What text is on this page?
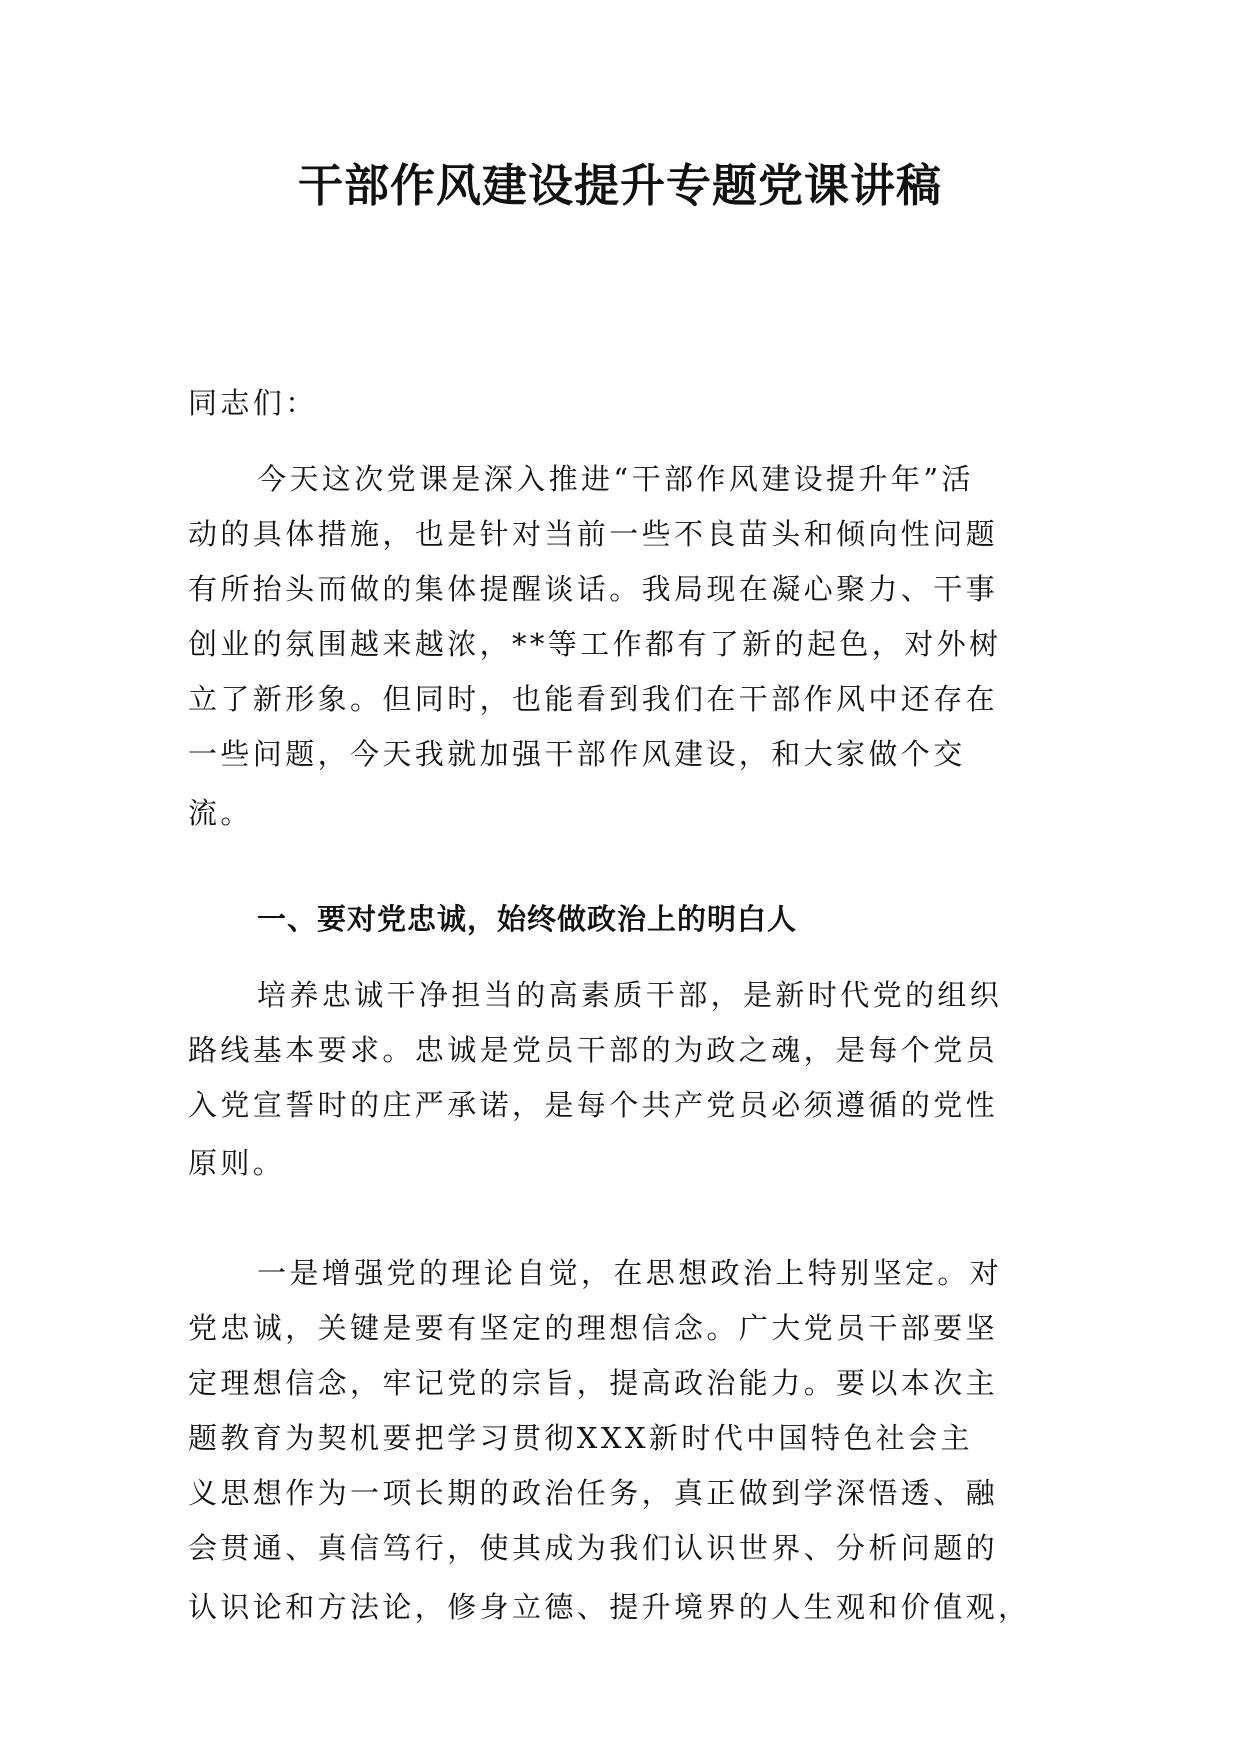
干部作风建设提升专题党课讲稿
同志们：
今天这次党课是深入推进“干部作风建设提升年”活
动的具体措施，也是针对当前一些不良苗头和倾向性问题
有所抬头而做的集体提醒谈话。我局现在凝心聚力、干事
创业的氛围越来越浓，**等工作都有了新的起色，对外树
立了新形象。但同时，也能看到我们在干部作风中还存在
一些问题，今天我就加强干部作风建设，和大家做个交
流。
一、要对党忠诚，始终做政治上的明白人
培养忠诚干净担当的高素质干部，是新时代党的组织
路线基本要求。忠诚是党员干部的为政之魂，是每个党员
入党宣誓时的庄严承诺，是每个共产党员必须遵循的党性
原则。
一是增强党的理论自觉，在思想政治上特别坚定。对
党忠诚，关键是要有坚定的理想信念。广大党员干部要坚
定理想信念，牢记党的宗旨，提高政治能力。要以本次主
题教育为契机要把学习贯彻XXX新时代中国特色社会主
义思想作为一项长期的政治任务，真正做到学深悟透、融
会贯通、真信笃行，使其成为我们认识世界、分析问题的
认识论和方法论，修身立德、提升境界的人生观和价值观，
